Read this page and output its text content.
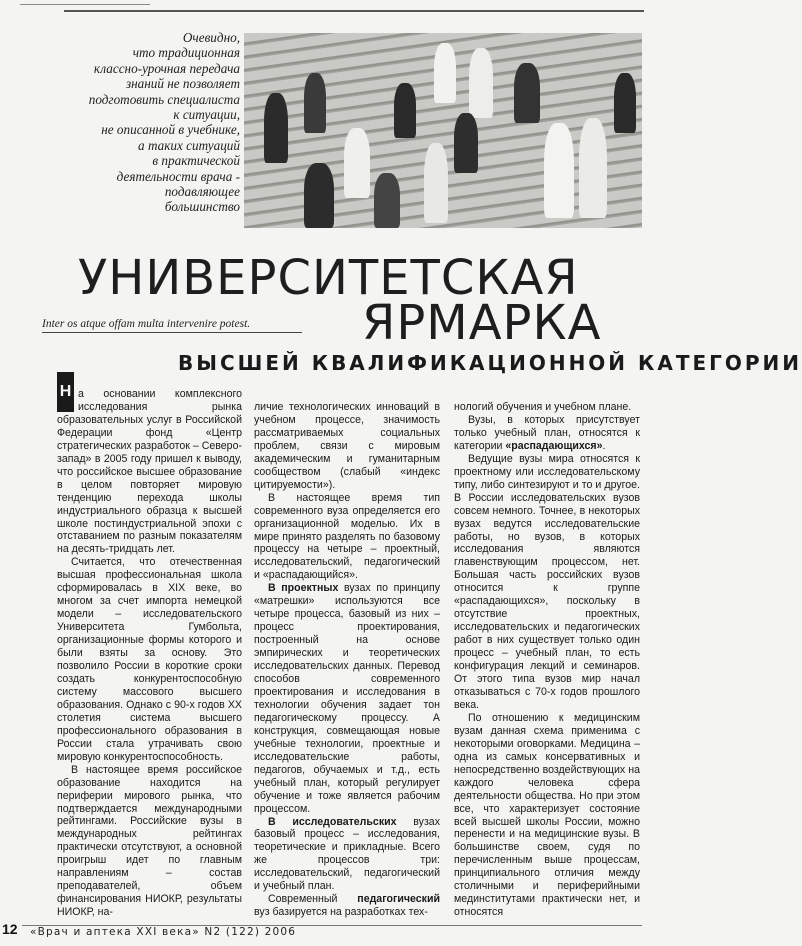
Очевидно,
что традиционная
классно-урочная передача
знаний не позволяет
подготовить специалиста
к ситуации,
не описанной в учебнике,
а таких ситуаций
в практической
деятельности врача -
подавляющее
большинство
УНИВЕРСИТЕТСКАЯ
Inter os atque offam multa intervenire potest.	ЯРМАРКА
ВЫСШЕЙ КВАЛИФИКАЦИОННОЙ КАТЕГОРИИ

Н а основании комплексного исследования рынка образовательных услуг в Российской Федерации фонд «Центр стратегических разработок – Северо-запад» в 2005 году пришел к выводу, что российское высшее образование в целом повторяет мировую тенденцию перехода школы индустриального образца к высшей школе постиндустриальной эпохи с отставанием по разным показателям на десять-тридцать лет.

Считается, что отечественная высшая профессиональная школа сформировалась в XIX веке, во многом за счет импорта немецкой модели – исследовательского Университета Гумбольта, организационные формы которого и были взяты за основу. Это позволило России в короткие сроки создать конкурентоспособную систему массового высшего образования. Однако с 90-х годов XX столетия система высшего профессионального образования в России стала утрачивать свою мировую конкурентоспособность.

В настоящее время российское образование находится на периферии мирового рынка, что подтверждается международными рейтингами. Российские вузы в международных рейтингах практически отсутствуют, а основной проигрыш идет по главным направлениям – состав преподавателей, объем финансирования НИОКР, результаты НИОКР, на-

личие технологических инноваций в учебном процессе, значимость рассматриваемых социальных проблем, связи с мировым академическим и гуманитарным сообществом (слабый «индекс цитируемости»).

В настоящее время тип современного вуза определяется его организационной моделью. Их в мире принято разделять по базовому процессу на четыре – проектный, исследовательский, педагогический и «распадающийся».

В проектных вузах по принципу «матрешки» используются все четыре процесса, базовый из них – процесс проектирования, построенный на основе эмпирических и теоретических исследовательских данных. Перевод способов современного проектирования и исследования в технологии обучения задает тон педагогическому процессу. А конструкция, совмещающая новые учебные технологии, проектные и исследовательские работы, педагогов, обучаемых и т.д., есть учебный план, который регулирует обучение и тоже является рабочим процессом.

В исследовательских вузах базовый процесс – исследования, теоретические и прикладные. Всего же процессов три: исследовательский, педагогический и учебный план.

Современный педагогический вуз базируется на разработках тех-

нологий обучения и учебном плане.

Вузы, в которых присутствует только учебный план, относятся к категории «распадающихся».

Ведущие вузы мира относятся к проектному или исследовательскому типу, либо синтезируют и то и другое. В России исследовательских вузов совсем немного. Точнее, в некоторых вузах ведутся исследовательские работы, но вузов, в которых исследования являются главенствующим процессом, нет. Большая часть российских вузов относится к группе «распадающихся», поскольку в отсутствие проектных, исследовательских и педагогических работ в них существует только один процесс – учебный план, то есть конфигурация лекций и семинаров. От этого типа вузов мир начал отказываться с 70-х годов прошлого века.

По отношению к медицинским вузам данная схема применима с некоторыми оговорками. Медицина – одна из самых консервативных и непосредственно воздействующих на каждого человека сфера деятельности общества. Но при этом все, что характеризует состояние всей высшей школы России, можно перенести и на медицинские вузы. В большинстве своем, судя по перечисленным выше процессам, принципиального отличия между столичными и периферийными мединститутами практически нет, и относятся

12 «Врач и аптека XXI века» N2 (122) 2006
